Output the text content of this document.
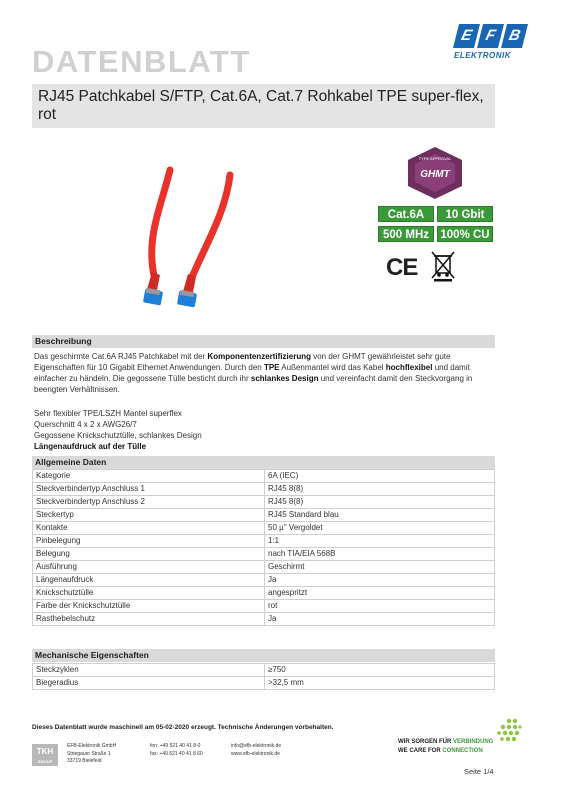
DATENBLATT
E F B
ELEKTRONIK
RJ45 Patchkabel S/FTP, Cat.6A, Cat.7 Rohkabel TPE super-flex, rot
GHMT
TYPE APPROVAL
Cat.6A 10 Gbit500 MHz 100% CU
CE
Beschreibung
Das geschirmte Cat.6A RJ45 Patchkabel mit der Komponentenzertifizierung von der GHMT gewährleistet sehr gute Eigenschaften für 10 Gigabit Ethernet Anwendungen. Durch den TPE Außenmantel wird das Kabel hochflexibel und damit einfacher zu händeln. Die gegossene Tülle besticht durch ihr schlankes Design und vereinfacht damit den Steckvorgang in beengten Verhältnissen.
Sehr flexibler TPE/LSZH Mantel superflex
Querschnitt 4 x 2 x AWG26/7
Gegossene Knickschutztülle, schlankes Design
Längenaufdruck auf der Tülle
Allgemeine Daten
Kategorie	6A (IEC)
Steckverbindertyp Anschluss 1	RJ45 8(8)
Steckverbindertyp Anschluss 2	RJ45 8(8)
Steckertyp	RJ45 Standard blau
Kontakte	50 µ" Vergoldet
Pinbelegung	1:1
Belegung	nach TIA/EIA 568B
Ausführung	Geschirmt
Längenaufdruck	Ja
Knickschutztülle	angespritzt
Farbe der Knickschutztülle	rot
Rasthebelschutz	Ja
Mechanische Eigenschaften
Steckzyklen	≥750
Biegeradius	>32,5 mm
Dieses Datenblatt wurde maschinell am 05-02-2020 erzeugt. Technische Änderungen vorbehalten.
TKH
GROUP
EFB-Elektronik GmbH
Striegauer Straße 1
33719 Bielefeld
fon: +49 521 40 41 8-0
fax: +49 521 40 41 8 60
info@efb-elektronik.de
www.efb-elektronik.de
WIR SORGEN FÜR VERBINDUNG
WE CARE FOR CONNECTION
Seite 1/4
